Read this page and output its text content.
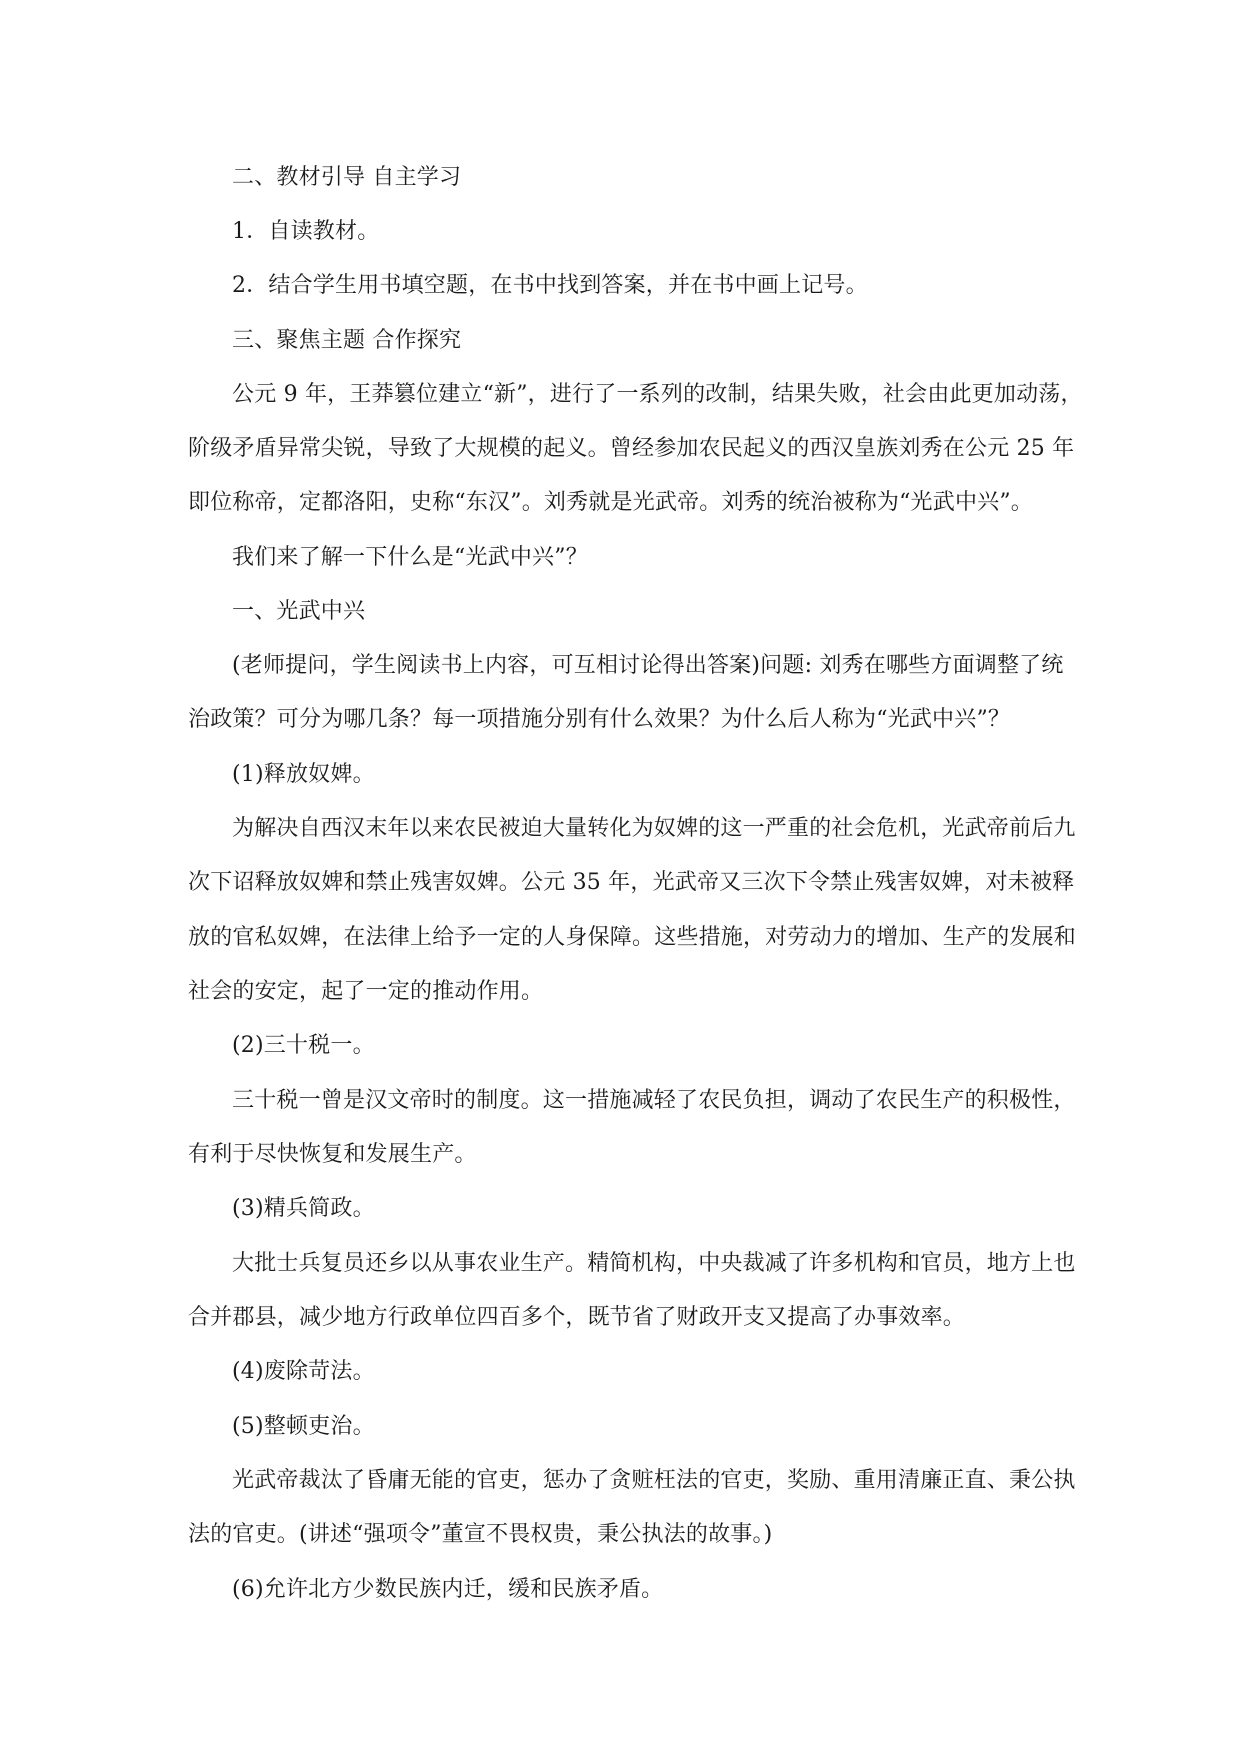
二、教材引导 自主学习
1．自读教材。
2．结合学生用书填空题，在书中找到答案，并在书中画上记号。
三、聚焦主题 合作探究
公元 9 年，王莽篡位建立“新”，进行了一系列的改制，结果失败，社会由此更加动荡，
阶级矛盾异常尖锐，导致了大规模的起义。曾经参加农民起义的西汉皇族刘秀在公元 25 年
即位称帝，定都洛阳，史称“东汉”。刘秀就是光武帝。刘秀的统治被称为“光武中兴”。
我们来了解一下什么是“光武中兴”？
一、光武中兴
(老师提问，学生阅读书上内容，可互相讨论得出答案)问题: 刘秀在哪些方面调整了统
治政策？可分为哪几条？每一项措施分别有什么效果？为什么后人称为“光武中兴”？
(1)释放奴婢。
为解决自西汉末年以来农民被迫大量转化为奴婢的这一严重的社会危机，光武帝前后九
次下诏释放奴婢和禁止残害奴婢。公元 35 年，光武帝又三次下令禁止残害奴婢，对未被释
放的官私奴婢，在法律上给予一定的人身保障。这些措施，对劳动力的增加、生产的发展和
社会的安定，起了一定的推动作用。
(2)三十税一。
三十税一曾是汉文帝时的制度。这一措施减轻了农民负担，调动了农民生产的积极性，
有利于尽快恢复和发展生产。
(3)精兵简政。
大批士兵复员还乡以从事农业生产。精简机构，中央裁减了许多机构和官员，地方上也
合并郡县，减少地方行政单位四百多个，既节省了财政开支又提高了办事效率。
(4)废除苛法。
(5)整顿吏治。
光武帝裁汰了昏庸无能的官吏，惩办了贪赃枉法的官吏，奖励、重用清廉正直、秉公执
法的官吏。(讲述“强项令”董宣不畏权贵，秉公执法的故事。)
(6)允许北方少数民族内迁，缓和民族矛盾。
